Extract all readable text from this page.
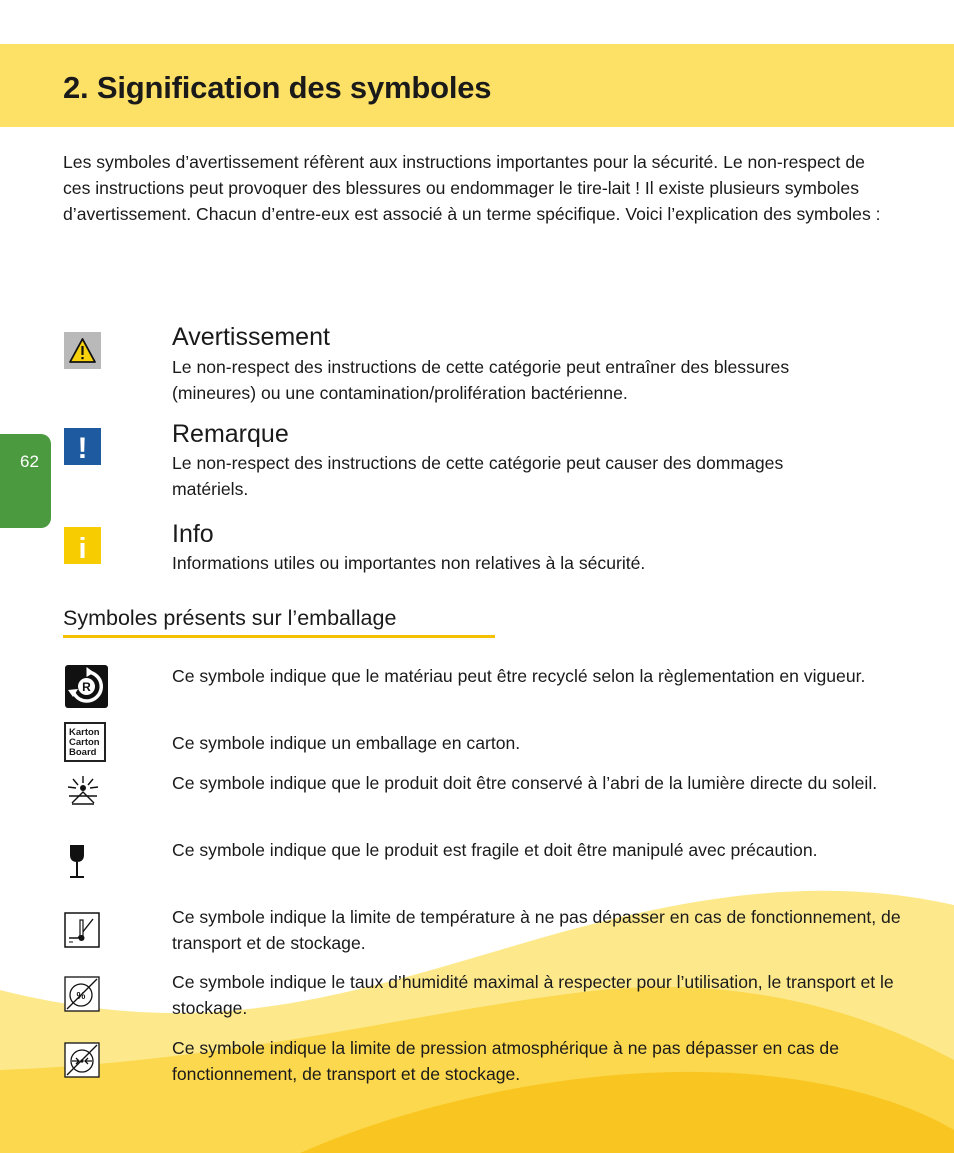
2. Signification des symboles

Les symboles d’avertissement réfèrent aux instructions importantes pour la sécurité. Le non-respect de ces instructions peut provoquer des blessures ou endommager le tire-lait ! Il existe plusieurs symboles d’avertissement. Chacun d’entre-eux est associé à un terme spécifique. Voici l’explication des symboles :

62
Avertissement

Le non-respect des instructions de cette catégorie peut entraîner des blessures (mineures) ou une contamination/prolifération bactérienne.

!	Remarque

Le non-respect des instructions de cette catégorie peut causer des dommages matériels.

i	Info

Informations utiles ou importantes non relatives à la sécurité.

Symboles présents sur l’emballage
R

Ce symbole indique que le matériau peut être recyclé selon la règlementation en vigueur.

Karton
Carton
Board	Ce symbole indique un emballage en carton.

Ce symbole indique que le produit doit être conservé à l’abri de la lumière directe du soleil.

Ce symbole indique que le produit est fragile et doit être manipulé avec précaution.

Ce symbole indique la limite de température à ne pas dépasser en cas de fonctionnement, de transport et de stockage.

%

Ce symbole indique le taux d’humidité maximal à respecter pour l’utilisation, le transport et le stockage.

Ce symbole indique la limite de pression atmosphérique à ne pas dépasser en cas de fonctionnement, de transport et de stockage.
